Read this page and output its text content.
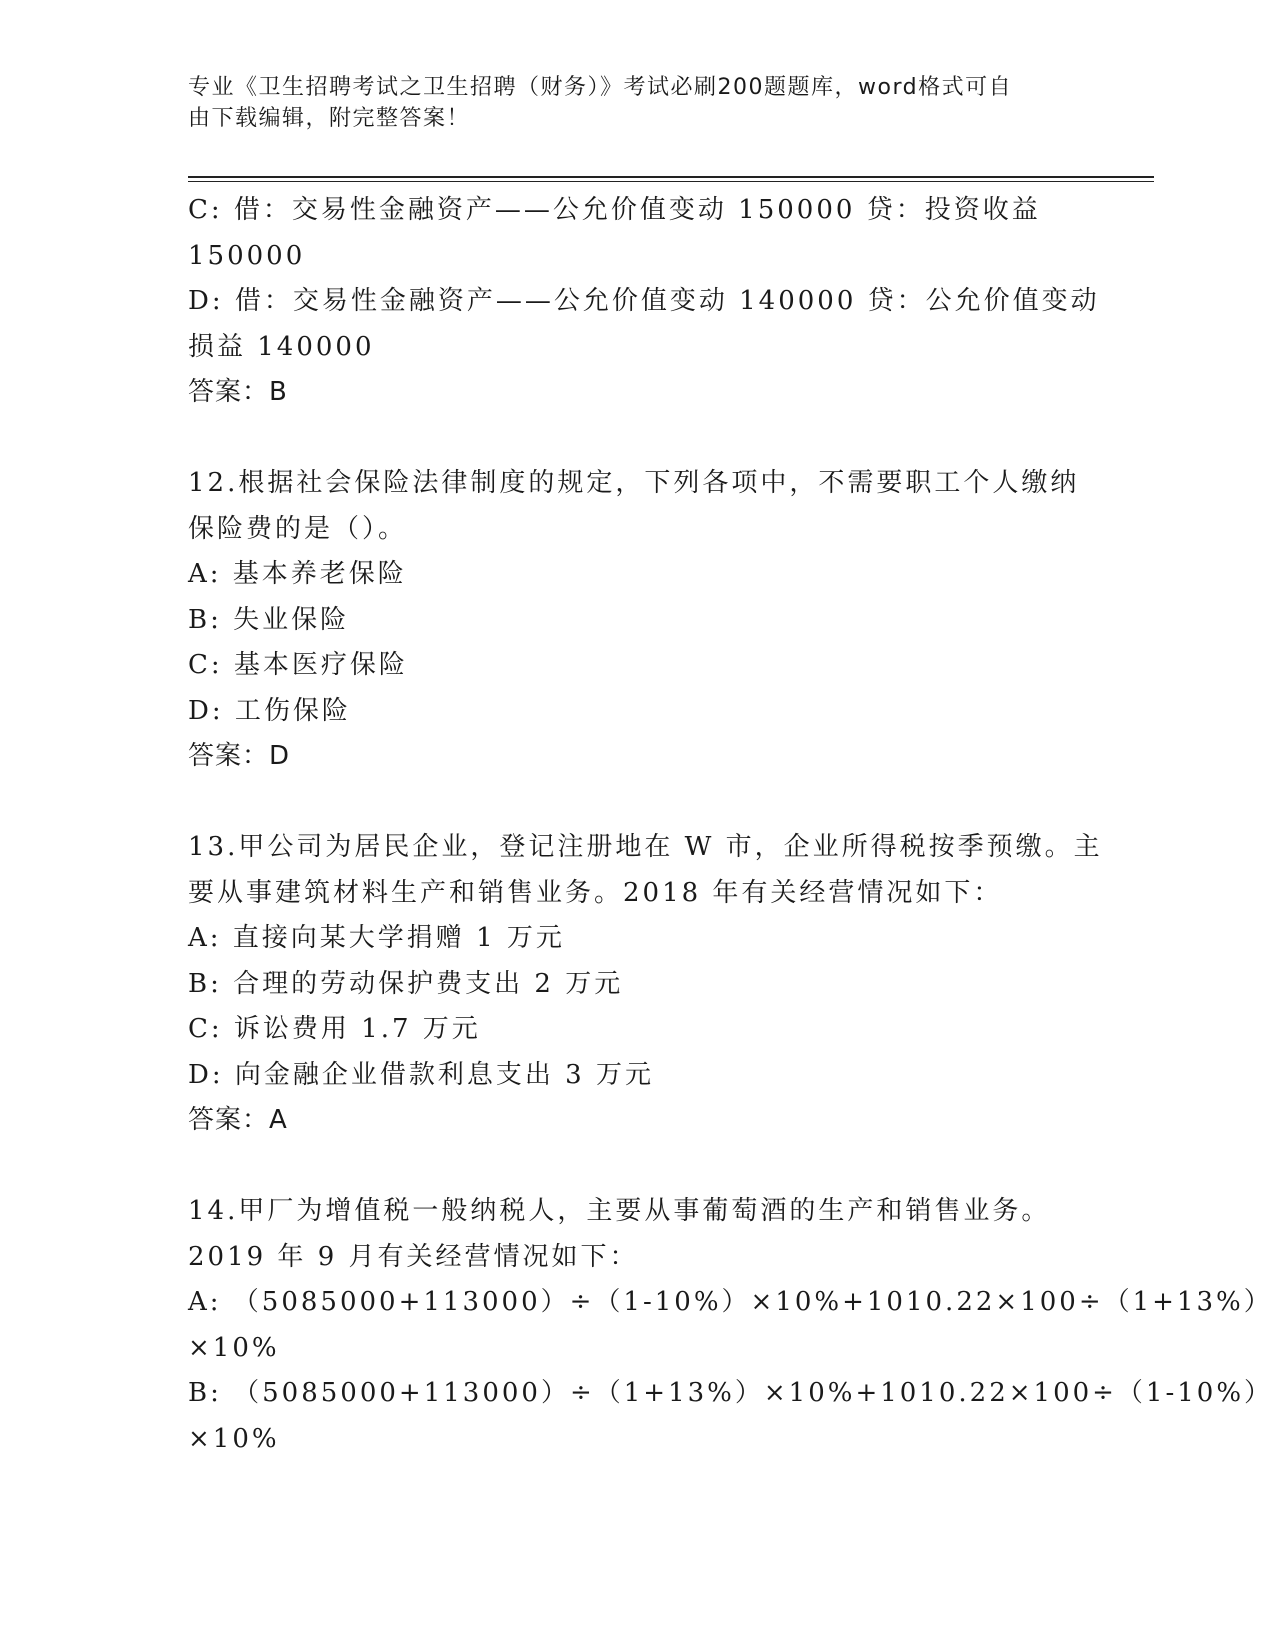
专业《卫生招聘考试之卫生招聘（财务）》考试必刷200题题库，word格式可自
由下载编辑，附完整答案！
C: 借：交易性金融资产——公允价值变动 150000 贷：投资收益
150000
D: 借：交易性金融资产——公允价值变动 140000 贷：公允价值变动
损益 140000
答案：B
12.根据社会保险法律制度的规定，下列各项中，不需要职工个人缴纳
保险费的是（）。
A: 基本养老保险
B: 失业保险
C: 基本医疗保险
D: 工伤保险
答案：D
13.甲公司为居民企业，登记注册地在 W 市，企业所得税按季预缴。主
要从事建筑材料生产和销售业务。2018 年有关经营情况如下：
A: 直接向某大学捐赠 1 万元
B: 合理的劳动保护费支出 2 万元
C: 诉讼费用 1.7 万元
D: 向金融企业借款利息支出 3 万元
答案：A
14.甲厂为增值税一般纳税人，主要从事葡萄酒的生产和销售业务。
2019 年 9 月有关经营情况如下：
A: （5085000+113000）÷（1-10%）×10%+1010.22×100÷（1+13%）
×10%
B: （5085000+113000）÷（1+13%）×10%+1010.22×100÷（1-10%）
×10%
